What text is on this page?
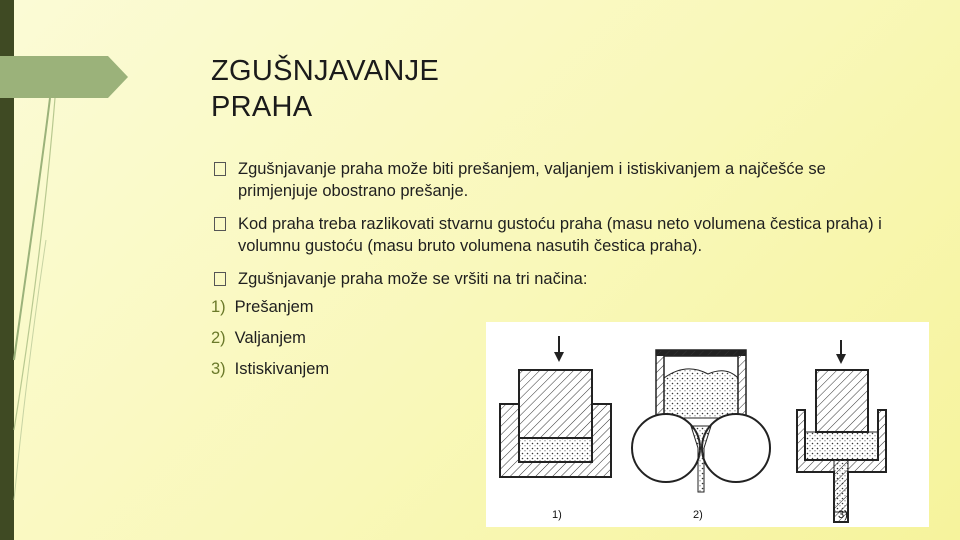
ZGUŠNJAVANJE
PRAHA
Zgušnjavanje praha može biti prešanjem, valjanjem i istiskivanjem a najčešće se primjenjuje obostrano prešanje.
Kod praha treba razlikovati stvarnu gustoću praha (masu neto volumena čestica praha) i volumnu gustoću (masu bruto volumena nasutih čestica praha).
Zgušnjavanje praha može se vršiti na tri načina:
1) Prešanjem
2) Valjanjem
3) Istiskivanjem
1)	2)	3)
